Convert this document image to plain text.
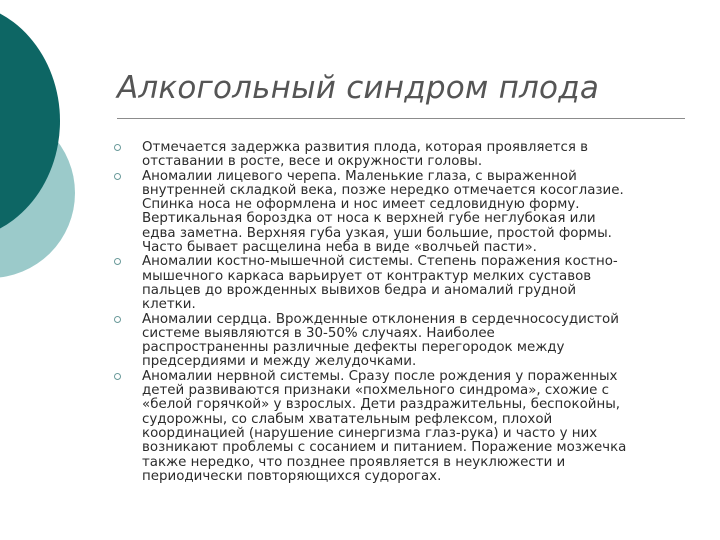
Алкогольный синдром плода
Отмечается задержка развития плода, которая проявляется в
отставании в росте, весе и окружности головы.
Аномалии лицевого черепа. Маленькие глаза, с выраженной
внутренней складкой века, позже нередко отмечается косоглазие.
Спинка носа не оформлена и нос имеет седловидную форму.
Вертикальная бороздка от носа к верхней губе неглубокая или
едва заметна. Верхняя губа узкая, уши большие, простой формы.
Часто бывает расщелина неба в виде «волчьей пасти».
Аномалии костно-мышечной системы. Степень поражения костно-
мышечного каркаса варьирует от контрактур мелких суставов
пальцев до врожденных вывихов бедра и аномалий грудной
клетки.
Аномалии сердца. Врожденные отклонения в сердечнососудистой
системе выявляются в 30-50% случаях. Наиболее
распространенны различные дефекты перегородок между
предсердиями и между желудочками.
Аномалии нервной системы. Сразу после рождения у пораженных
детей развиваются признаки «похмельного синдрома», схожие с
«белой горячкой» у взрослых. Дети раздражительны, беспокойны,
судорожны, со слабым хватательным рефлексом, плохой
координацией (нарушение синергизма глаз-рука) и часто у них
возникают проблемы с сосанием и питанием. Поражение мозжечка
также нередко, что позднее проявляется в неуклюжести и
периодически повторяющихся судорогах.
